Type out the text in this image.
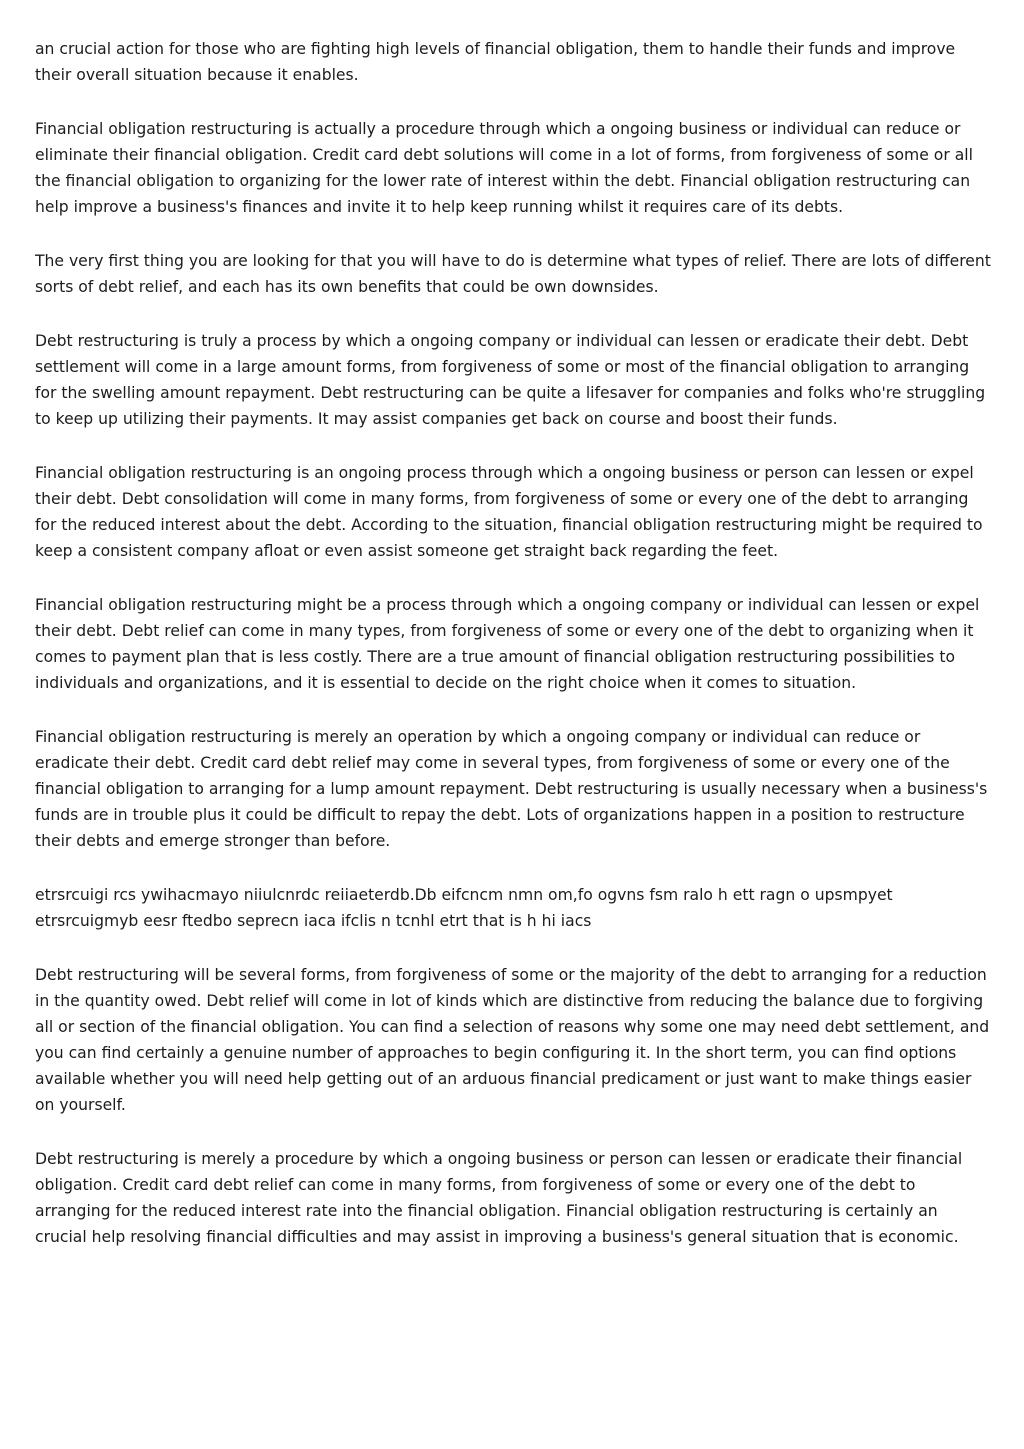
an crucial action for those who are fighting high levels of financial obligation, them to handle their funds and improve their overall situation because it enables.

Financial obligation restructuring is actually a procedure through which a ongoing business or individual can reduce or eliminate their financial obligation. Credit card debt solutions will come in a lot of forms, from forgiveness of some or all the financial obligation to organizing for the lower rate of interest within the debt. Financial obligation restructuring can help improve a business's finances and invite it to help keep running whilst it requires care of its debts.

The very first thing you are looking for that you will have to do is determine what types of relief. There are lots of different sorts of debt relief, and each has its own benefits that could be own downsides.

Debt restructuring is truly a process by which a ongoing company or individual can lessen or eradicate their debt. Debt settlement will come in a large amount forms, from forgiveness of some or most of the financial obligation to arranging for the swelling amount repayment. Debt restructuring can be quite a lifesaver for companies and folks who're struggling to keep up utilizing their payments. It may assist companies get back on course and boost their funds.

Financial obligation restructuring is an ongoing process through which a ongoing business or person can lessen or expel their debt. Debt consolidation will come in many forms, from forgiveness of some or every one of the debt to arranging for the reduced interest about the debt. According to the situation, financial obligation restructuring might be required to keep a consistent company afloat or even assist someone get straight back regarding the feet.

Financial obligation restructuring might be a process through which a ongoing company or individual can lessen or expel their debt. Debt relief can come in many types, from forgiveness of some or every one of the debt to organizing when it comes to payment plan that is less costly. There are a true amount of financial obligation restructuring possibilities to individuals and organizations, and it is essential to decide on the right choice when it comes to situation.

Financial obligation restructuring is merely an operation by which a ongoing company or individual can reduce or eradicate their debt. Credit card debt relief may come in several types, from forgiveness of some or every one of the financial obligation to arranging for a lump amount repayment. Debt restructuring is usually necessary when a business's funds are in trouble plus it could be difficult to repay the debt. Lots of organizations happen in a position to restructure their debts and emerge stronger than before.

etrsrcuigi rcs ywihacmayo niiulcnrdc reiiaeterdb.Db eifcncm nmn om,fo ogvns fsm ralo h ett ragn o upsmpyet etrsrcuigmyb eesr ftedbo seprecn iaca ifclis n tcnhl etrt that is h hi iacs

Debt restructuring will be several forms, from forgiveness of some or the majority of the debt to arranging for a reduction in the quantity owed. Debt relief will come in lot of kinds which are distinctive from reducing the balance due to forgiving all or section of the financial obligation. You can find a selection of reasons why some one may need debt settlement, and you can find certainly a genuine number of approaches to begin configuring it. In the short term, you can find options available whether you will need help getting out of an arduous financial predicament or just want to make things easier on yourself.

Debt restructuring is merely a procedure by which a ongoing business or person can lessen or eradicate their financial obligation. Credit card debt relief can come in many forms, from forgiveness of some or every one of the debt to arranging for the reduced interest rate into the financial obligation. Financial obligation restructuring is certainly an crucial help resolving financial difficulties and may assist in improving a business's general situation that is economic.
